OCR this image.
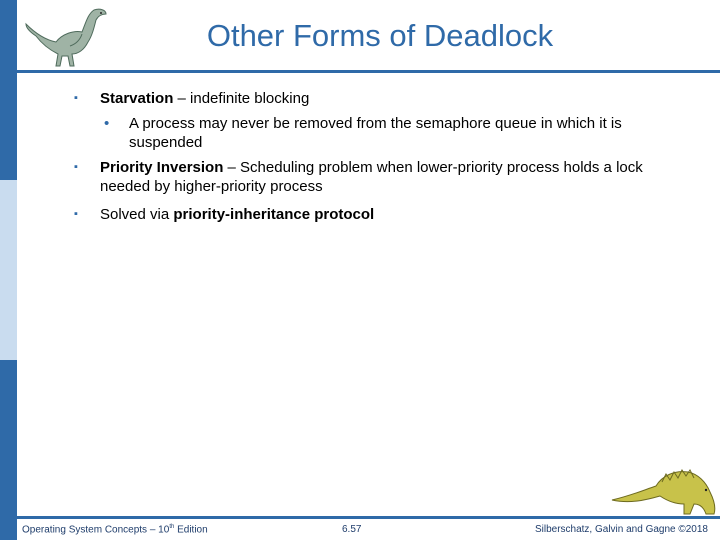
Other Forms of Deadlock
▪ Starvation – indefinite blocking
• A process may never be removed from the semaphore queue in which it is suspended
▪ Priority Inversion – Scheduling problem when lower-priority process holds a lock needed by higher-priority process
▪ Solved via priority-inheritance protocol
Operating System Concepts – 10th Edition	6.57	Silberschatz, Galvin and Gagne ©2018
